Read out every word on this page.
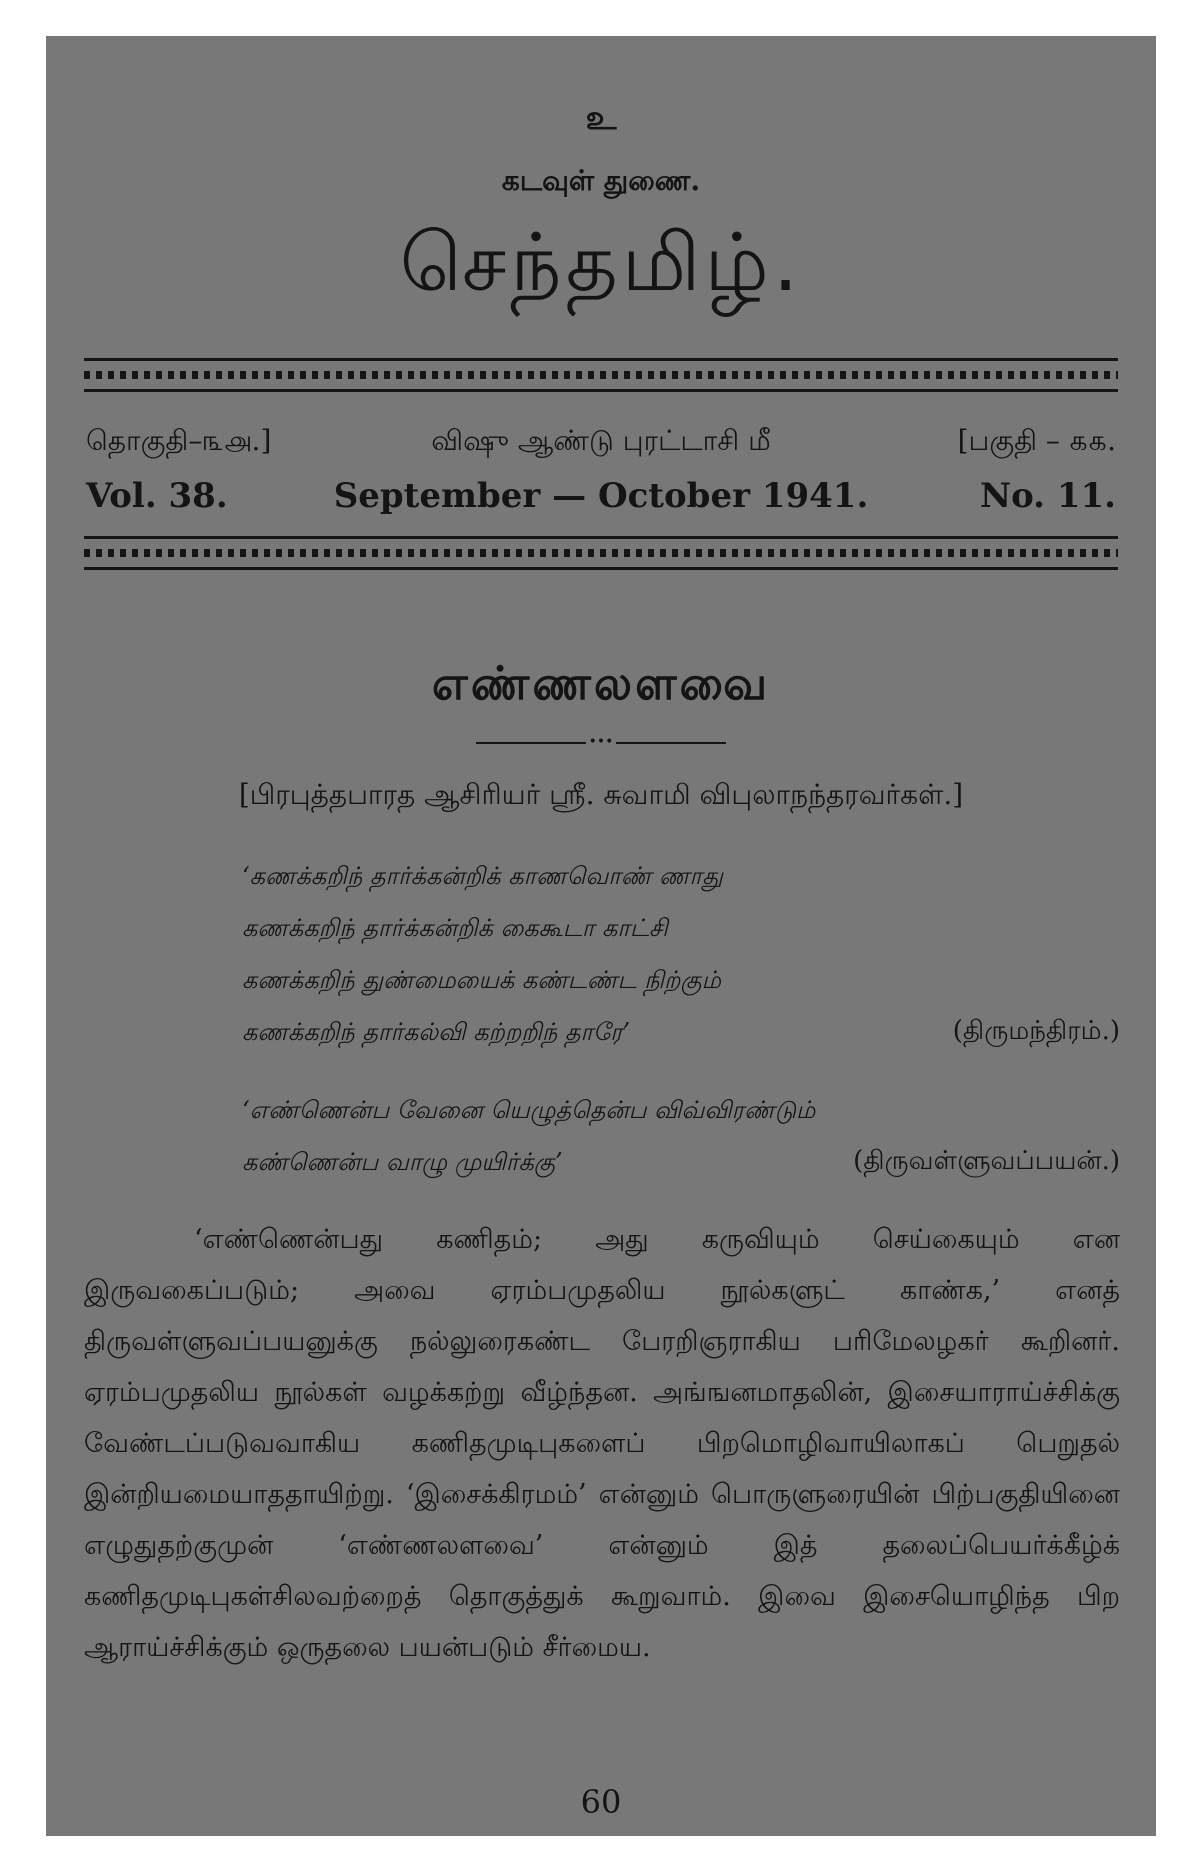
உ
கடவுள் துணை.
செந்தமிழ்.
தொகுதி–௩௮.]	விஷு ஆண்டு புரட்டாசி மீ	[பகுதி – ௧௧.
Vol. 38.	September — October 1941.	No. 11.
எண்ணலளவை
•••
[பிரபுத்தபாரத ஆசிரியர் ஸ்ரீ. சுவாமி விபுலாநந்தரவர்கள்.]
‘கணக்கறிந் தார்க்கன்றிக் காணவொண் ணாது
கணக்கறிந் தார்க்கன்றிக் கைகூடா காட்சி
கணக்கறிந் துண்மையைக் கண்டண்ட நிற்கும்
கணக்கறிந் தார்கல்வி கற்றறிந் தாரே’	(திருமந்திரம்.)
‘எண்ணென்ப வேனை யெழுத்தென்ப விவ்விரண்டும்
கண்ணென்ப வாழு முயிர்க்கு’	(திருவள்ளுவப்பயன்.)
‘எண்ணென்பது கணிதம்; அது கருவியும் செய்கையும் என இருவகைப்படும்; அவை ஏரம்பமுதலிய நூல்களுட் காண்க,’ எனத் திருவள்ளுவப்பயனுக்கு நல்லுரைகண்ட பேரறிஞராகிய பரிமேலழகர் கூறினர். ஏரம்பமுதலிய நூல்கள் வழக்கற்று வீழ்ந்தன. அங்ஙனமாதலின், இசையாராய்ச்சிக்கு வேண்டப்படுவவாகிய கணிதமுடிபுகளைப் பிறமொழிவாயிலாகப் பெறுதல் இன்றியமையாததாயிற்று. ‘இசைக்கிரமம்’ என்னும் பொருளுரையின் பிற்பகுதியினை எழுதுதற்குமுன் ‘எண்ணலளவை’ என்னும் இத் தலைப்பெயர்க்கீழ்க் கணிதமுடிபுகள்சிலவற்றைத் தொகுத்துக் கூறுவாம். இவை இசையொழிந்த பிற ஆராய்ச்சிக்கும் ஒருதலை பயன்படும் சீர்மைய.
60
